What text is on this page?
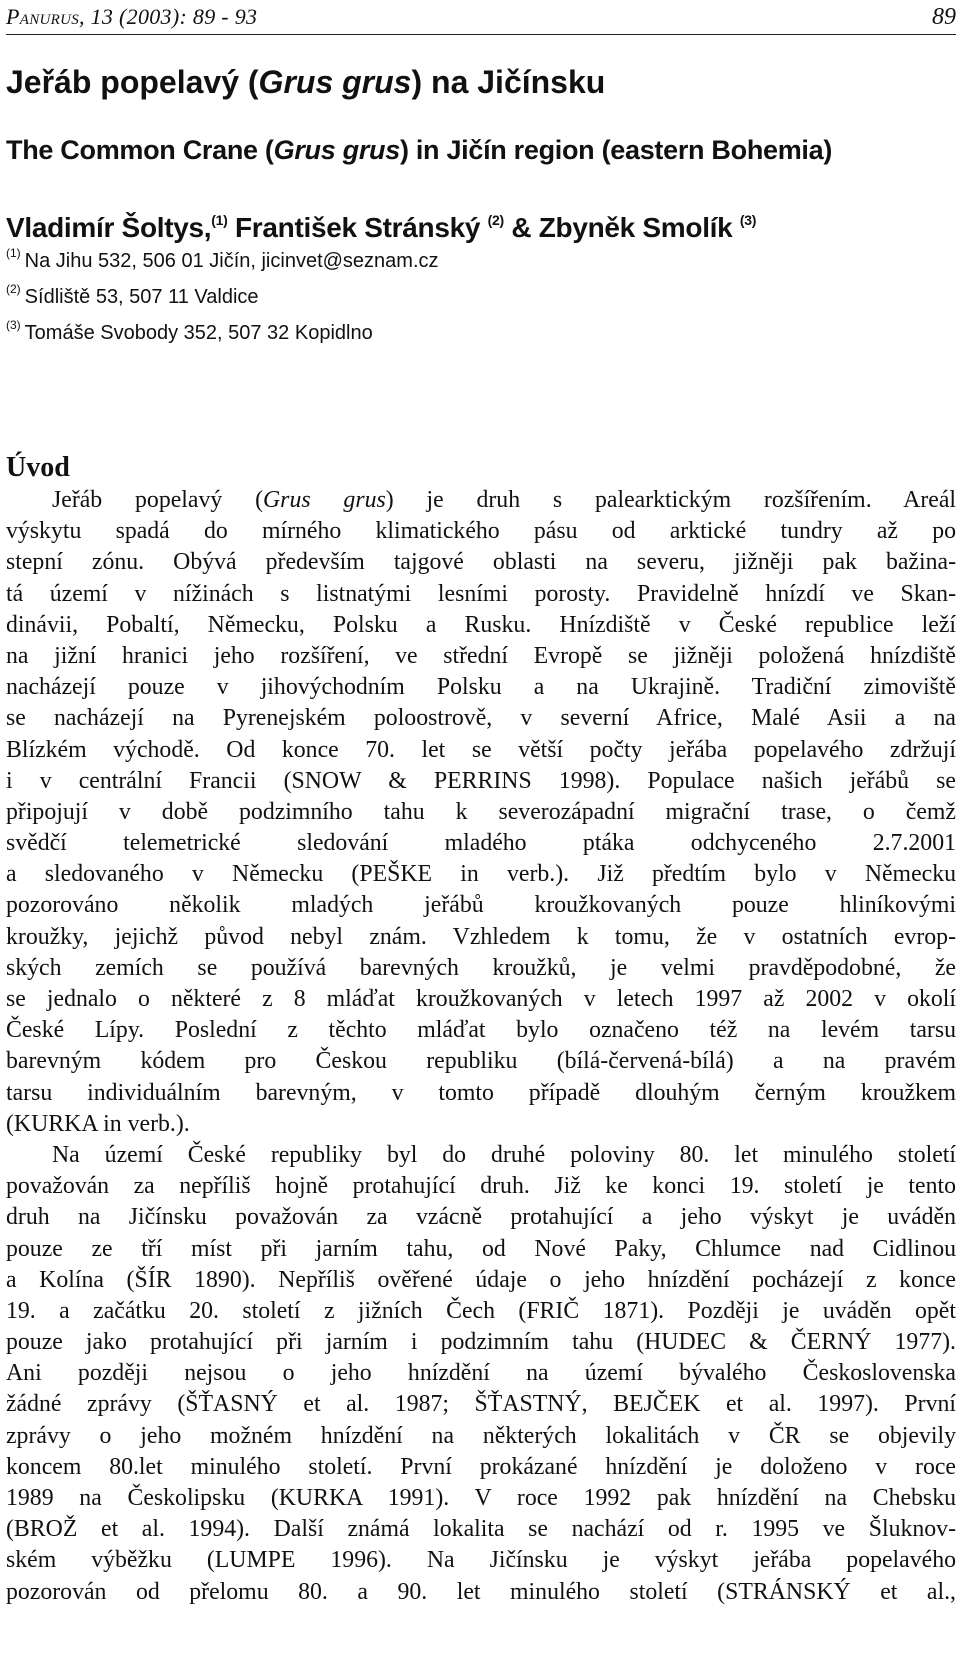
Panurus, 13 (2003): 89 - 93	89
Jeřáb popelavý (Grus grus) na Jičínsku
The Common Crane (Grus grus) in Jičín region (eastern Bohemia)

Vladimír Šoltys,$^{(1)}$ František Stránský $^{(2)}$ & Zbyněk Smolík $^{(3)}$

$^{(1)}$ Na Jihu 532, 506 01 Jičín, jicinvet@seznam.cz
$^{(2)}$ Sídliště 53, 507 11 Valdice
$^{(3)}$ Tomáše Svobody 352, 507 32 Kopidlno
Úvod
Jeřáb popelavý (Grus grus) je druh s palearktickým rozšířením. Areál
výskytu spadá do mírného klimatického pásu od arktické tundry až po
stepní zónu. Obývá především tajgové oblasti na severu, jižněji pak bažina-
tá území v nížinách s listnatými lesními porosty. Pravidelně hnízdí ve Skan-
dinávii, Pobaltí, Německu, Polsku a Rusku. Hnízdiště v České republice leží
na jižní hranici jeho rozšíření, ve střední Evropě se jižněji položená hnízdiště
nacházejí pouze v jihovýchodním Polsku a na Ukrajině. Tradiční zimoviště
se nacházejí na Pyrenejském poloostrově, v severní Africe, Malé Asii a na
Blízkém východě. Od konce 70. let se větší počty jeřába popelavého zdržují
i v centrální Francii (SNOW & PERRINS 1998). Populace našich jeřábů se
připojují v době podzimního tahu k severozápadní migrační trase, o čemž
svědčí telemetrické sledování mladého ptáka odchyceného 2.7.2001
a sledovaného v Německu (PEŠKE in verb.). Již předtím bylo v Německu
pozorováno několik mladých jeřábů kroužkovaných pouze hliníkovými
kroužky, jejichž původ nebyl znám. Vzhledem k tomu, že v ostatních evrop-
ských zemích se používá barevných kroužků, je velmi pravděpodobné, že
se jednalo o některé z 8 mláďat kroužkovaných v letech 1997 až 2002 v okolí
České Lípy. Poslední z těchto mláďat bylo označeno též na levém tarsu
barevným kódem pro Českou republiku (bílá-červená-bílá) a na pravém
tarsu individuálním barevným, v tomto případě dlouhým černým kroužkem
(KURKA in verb.).
Na území České republiky byl do druhé poloviny 80. let minulého století
považován za nepříliš hojně protahující druh. Již ke konci 19. století je tento
druh na Jičínsku považován za vzácně protahující a jeho výskyt je uváděn
pouze ze tří míst při jarním tahu, od Nové Paky, Chlumce nad Cidlinou
a Kolína (ŠÍR 1890). Nepříliš ověřené údaje o jeho hnízdění pocházejí z konce
19. a začátku 20. století z jižních Čech (FRIČ 1871). Později je uváděn opět
pouze jako protahující při jarním i podzimním tahu (HUDEC & ČERNÝ 1977).
Ani později nejsou o jeho hnízdění na území bývalého Československa
žádné zprávy (ŠŤASNÝ et al. 1987; ŠŤASTNÝ, BEJČEK et al. 1997). První
zprávy o jeho možném hnízdění na některých lokalitách v ČR se objevily
koncem 80.let minulého století. První prokázané hnízdění je doloženo v roce
1989 na Českolipsku (KURKA 1991). V roce 1992 pak hnízdění na Chebsku
(BROŽ et al. 1994). Další známá lokalita se nachází od r. 1995 ve Šluknov-
ském výběžku (LUMPE 1996). Na Jičínsku je výskyt jeřába popelavého
pozorován od přelomu 80. a 90. let minulého století (STRÁNSKÝ et al.,
